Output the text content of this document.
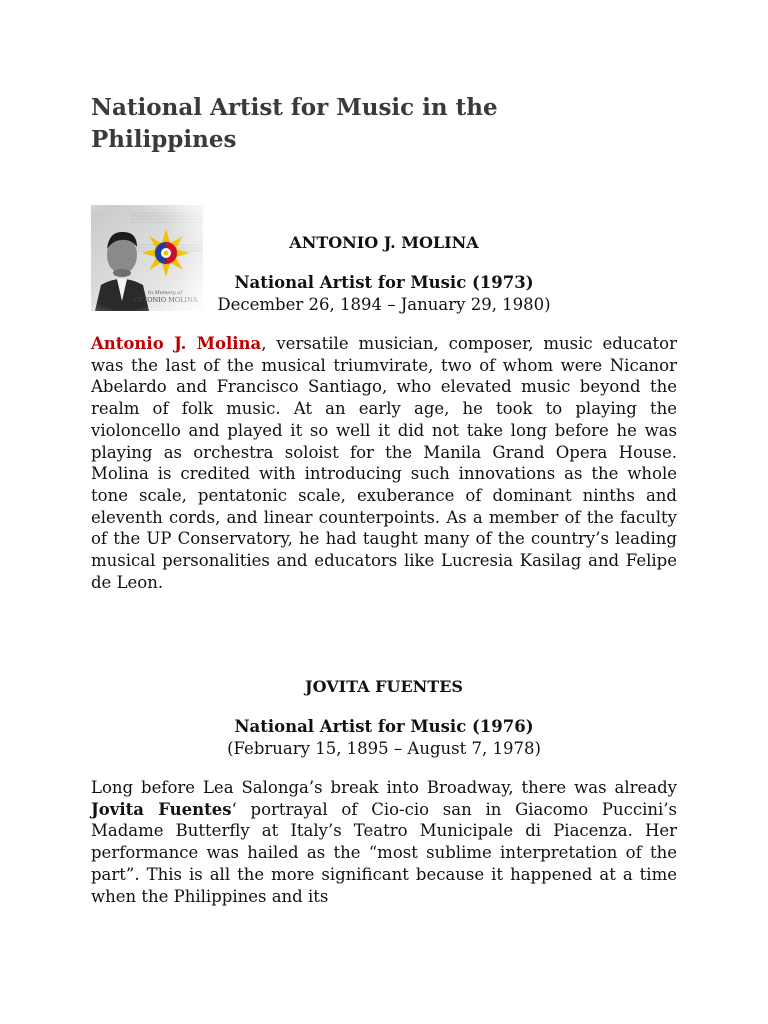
National Artist for Music in the Philippines

ANTONIO J. MOLINA

National Artist for Music (1973)

December 26, 1894 – January 29, 1980)

Antonio J. Molina, versatile musician, composer, music educator was the last of the musical triumvirate, two of whom were Nicanor Abelardo and Francisco Santiago, who elevated music beyond the realm of folk music. At an early age, he took to playing the violoncello and played it so well it did not take long before he was playing as orchestra soloist for the Manila Grand Opera House. Molina is credited with introducing such innovations as the whole tone scale, pentatonic scale, exuberance of dominant ninths and eleventh cords, and linear counterpoints. As a member of the faculty of the UP Conservatory, he had taught many of the country’s leading musical personalities and educators like Lucresia Kasilag and Felipe de Leon.

JOVITA FUENTES

National Artist for Music (1976)

(February 15, 1895 – August 7, 1978)

Long before Lea Salonga’s break into Broadway, there was already Jovita Fuentes‘ portrayal of Cio-cio san in Giacomo Puccini’s Madame Butterfly at Italy’s Teatro Municipale di Piacenza. Her performance was hailed as the “most sublime interpretation of the part”. This is all the more significant because it happened at a time when the Philippines and its
